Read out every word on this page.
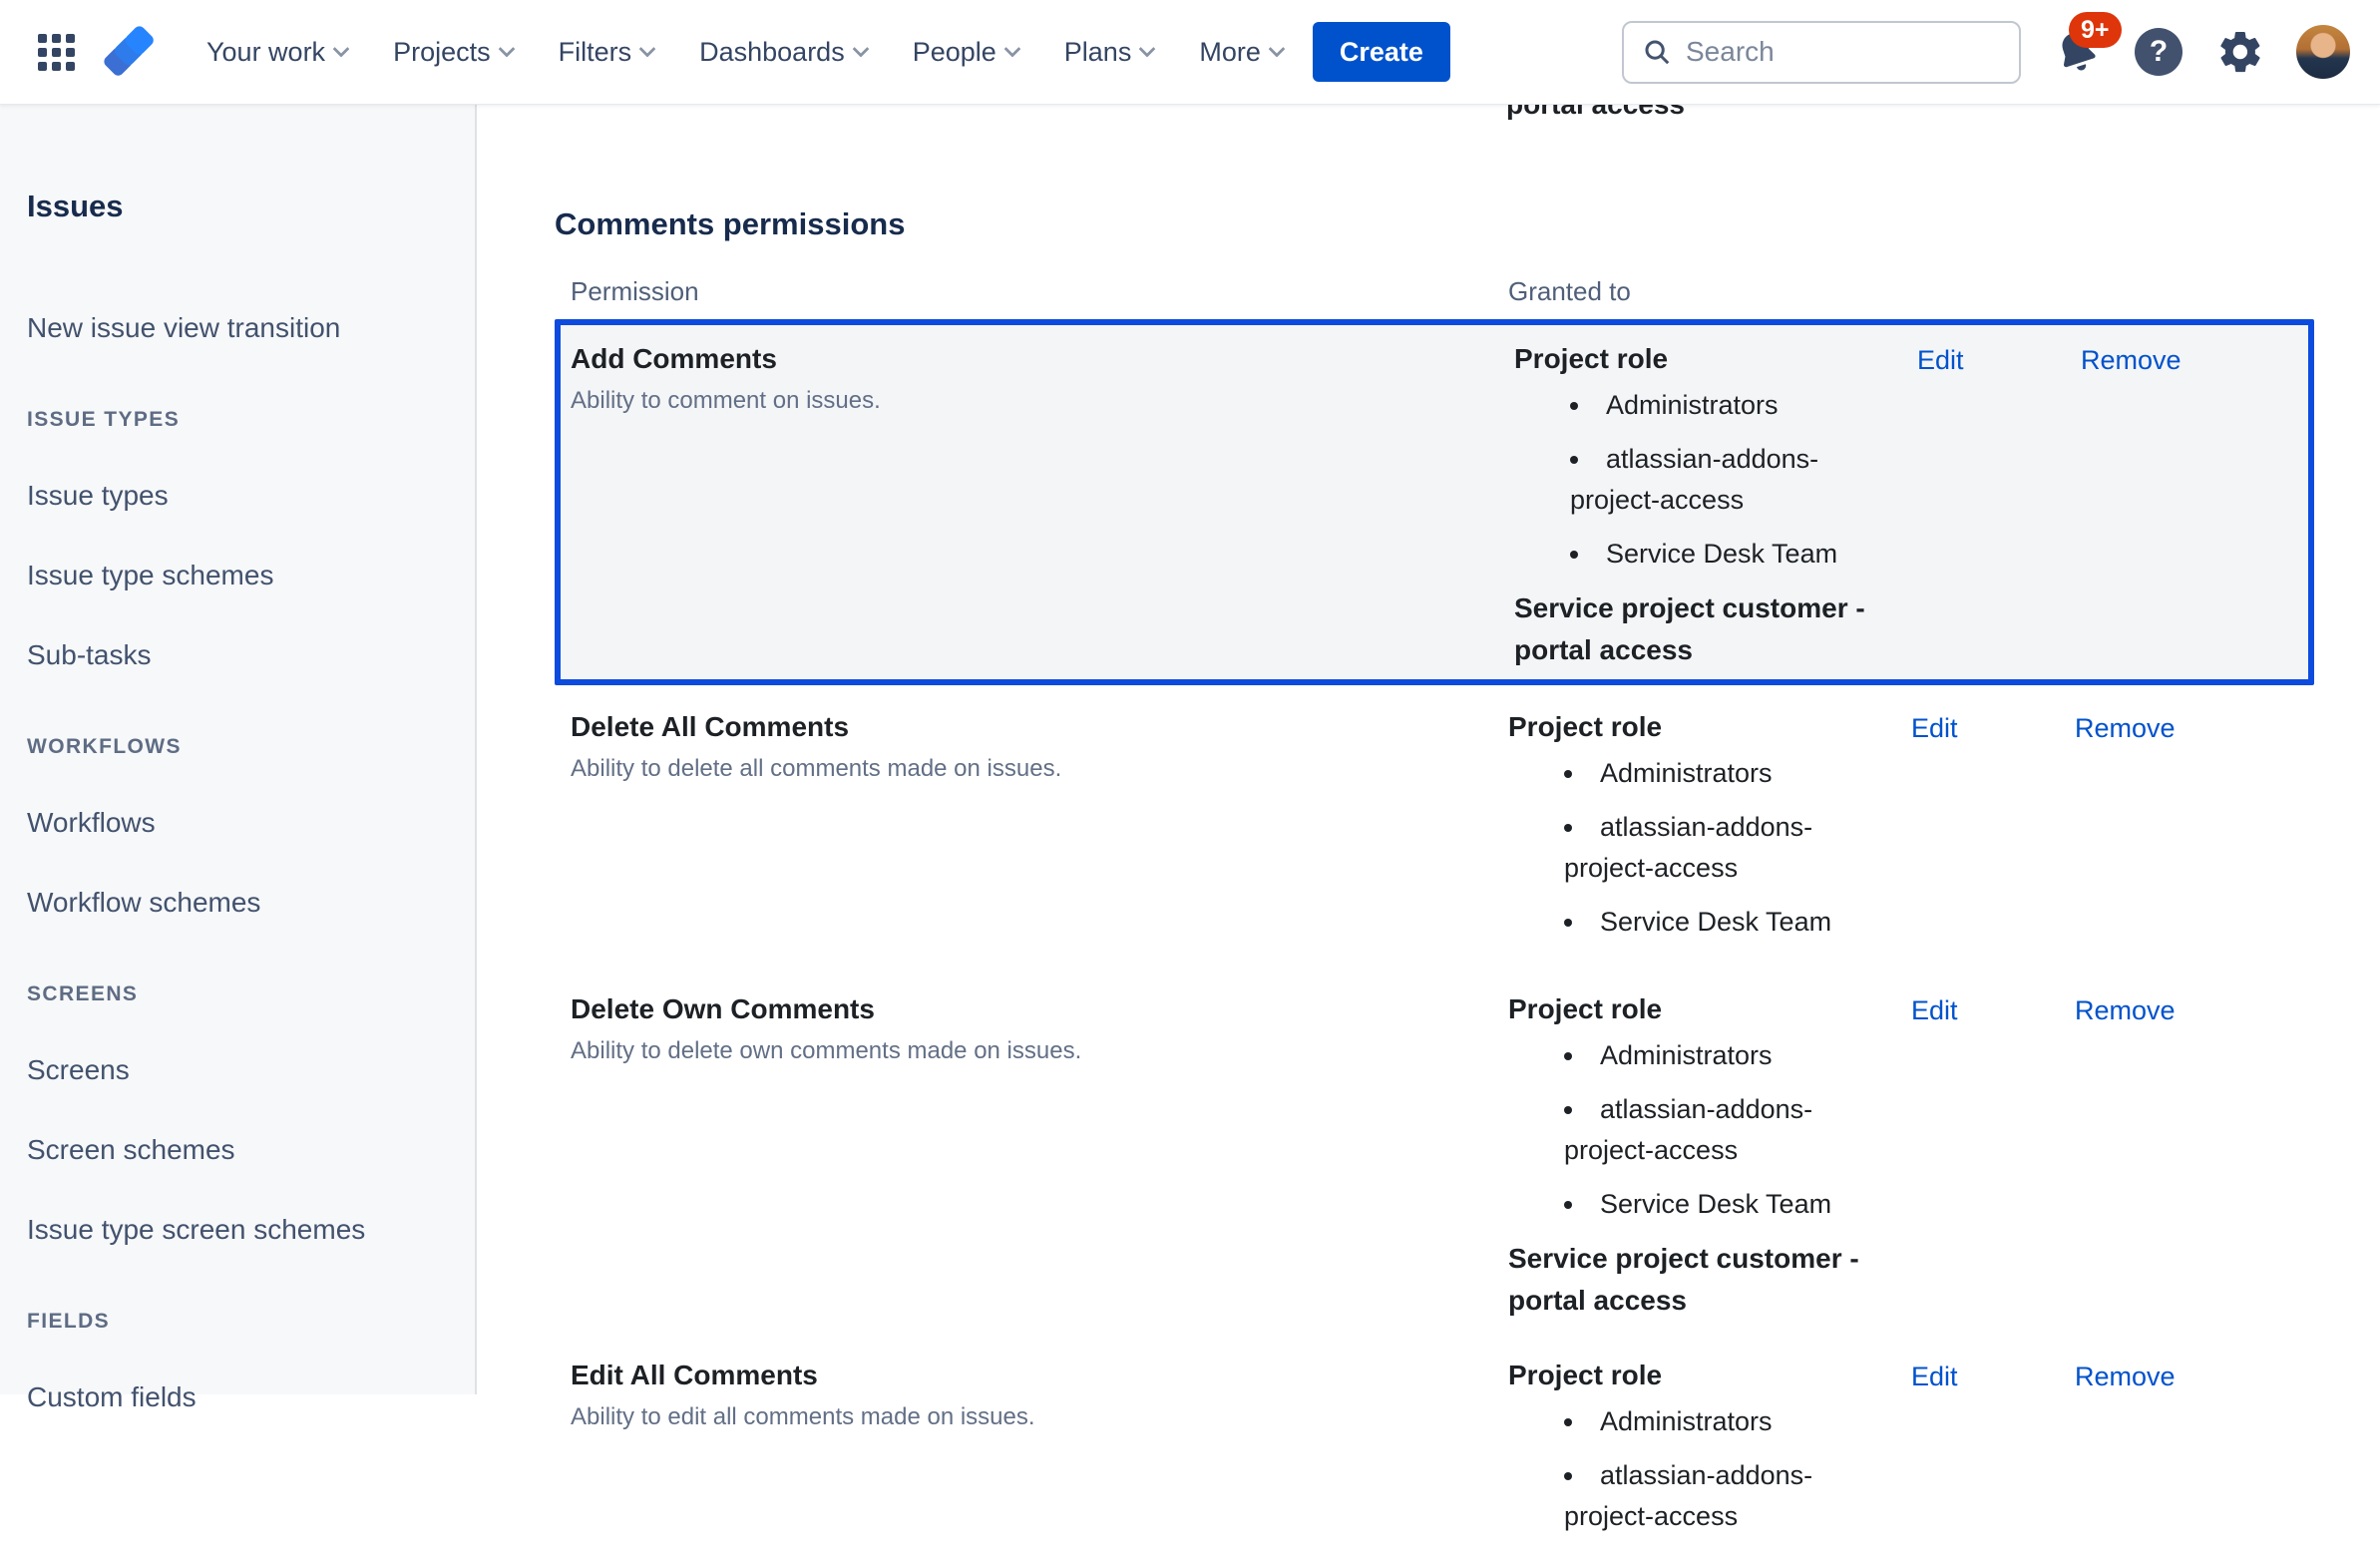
Your work	Projects	Filters	Dashboards	People	Plans	More	Create
Search
9+
?
Issues
New issue view transition
ISSUE TYPES
Issue types
Issue type schemes
Sub-tasks
WORKFLOWS
Workflows
Workflow schemes
SCREENS
Screens
Screen schemes
Issue type screen schemes
FIELDS
Custom fields
Comments permissions
Permission	Granted to
Add Comments
Ability to comment on issues.
Project role
• Administrators
• atlassian-addons-project-access
• Service Desk Team
Service project customer - portal access
Edit	Remove
Delete All Comments
Ability to delete all comments made on issues.
Project role
• Administrators
• atlassian-addons-project-access
• Service Desk Team
Edit	Remove
Delete Own Comments
Ability to delete own comments made on issues.
Project role
• Administrators
• atlassian-addons-project-access
• Service Desk Team
Service project customer - portal access
Edit	Remove
Edit All Comments
Ability to edit all comments made on issues.
Project role
• Administrators
• atlassian-addons-project-access
Edit	Remove
